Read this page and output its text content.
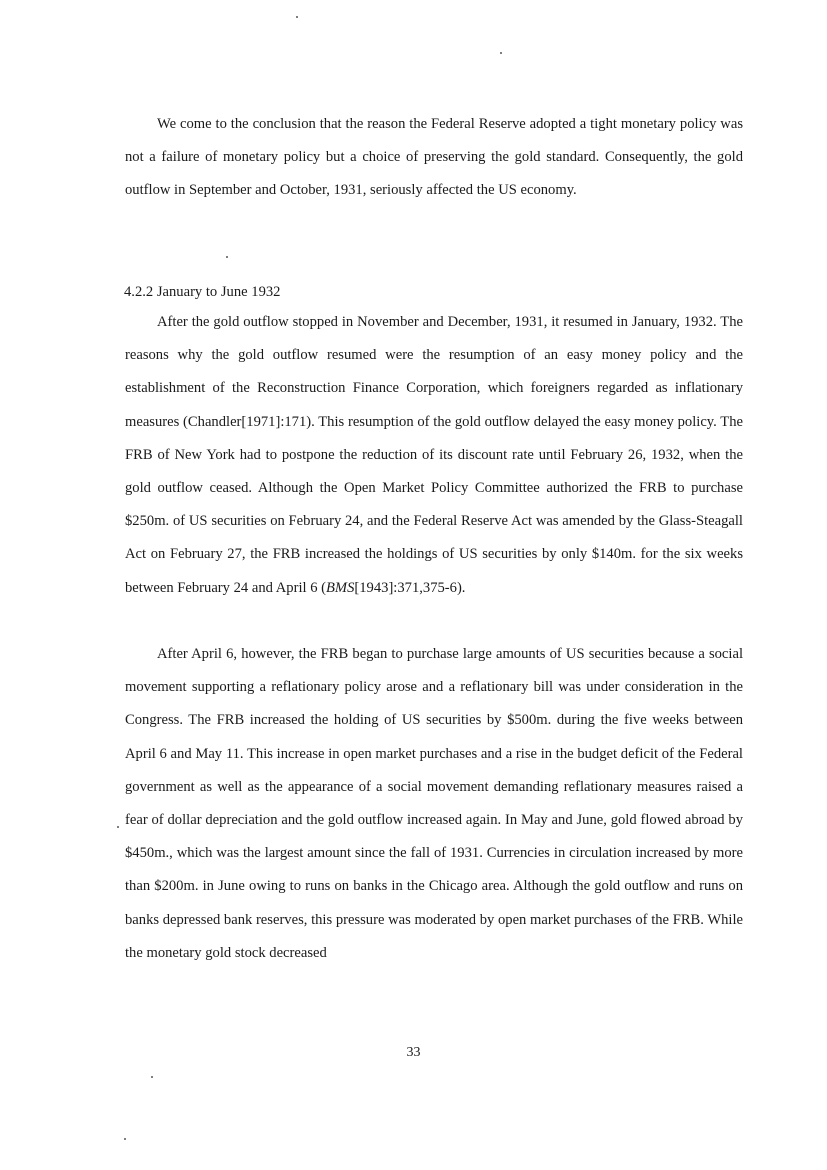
We come to the conclusion that the reason the Federal Reserve adopted a tight monetary policy was not a failure of monetary policy but a choice of preserving the gold standard. Consequently, the gold outflow in September and October, 1931, seriously affected the US economy.

4.2.2 January to June 1932

After the gold outflow stopped in November and December, 1931, it resumed in January, 1932. The reasons why the gold outflow resumed were the resumption of an easy money policy and the establishment of the Reconstruction Finance Corporation, which foreigners regarded as inflationary measures (Chandler[1971]:171). This resumption of the gold outflow delayed the easy money policy. The FRB of New York had to postpone the reduction of its discount rate until February 26, 1932, when the gold outflow ceased. Although the Open Market Policy Committee authorized the FRB to purchase $250m. of US securities on February 24, and the Federal Reserve Act was amended by the Glass-Steagall Act on February 27, the FRB increased the holdings of US securities by only $140m. for the six weeks between February 24 and April 6 (BMS[1943]:371,375-6).

After April 6, however, the FRB began to purchase large amounts of US securities because a social movement supporting a reflationary policy arose and a reflationary bill was under consideration in the Congress. The FRB increased the holding of US securities by $500m. during the five weeks between April 6 and May 11. This increase in open market purchases and a rise in the budget deficit of the Federal government as well as the appearance of a social movement demanding reflationary measures raised a fear of dollar depreciation and the gold outflow increased again. In May and June, gold flowed abroad by $450m., which was the largest amount since the fall of 1931. Currencies in circulation increased by more than $200m. in June owing to runs on banks in the Chicago area. Although the gold outflow and runs on banks depressed bank reserves, this pressure was moderated by open market purchases of the FRB. While the monetary gold stock decreased

33
